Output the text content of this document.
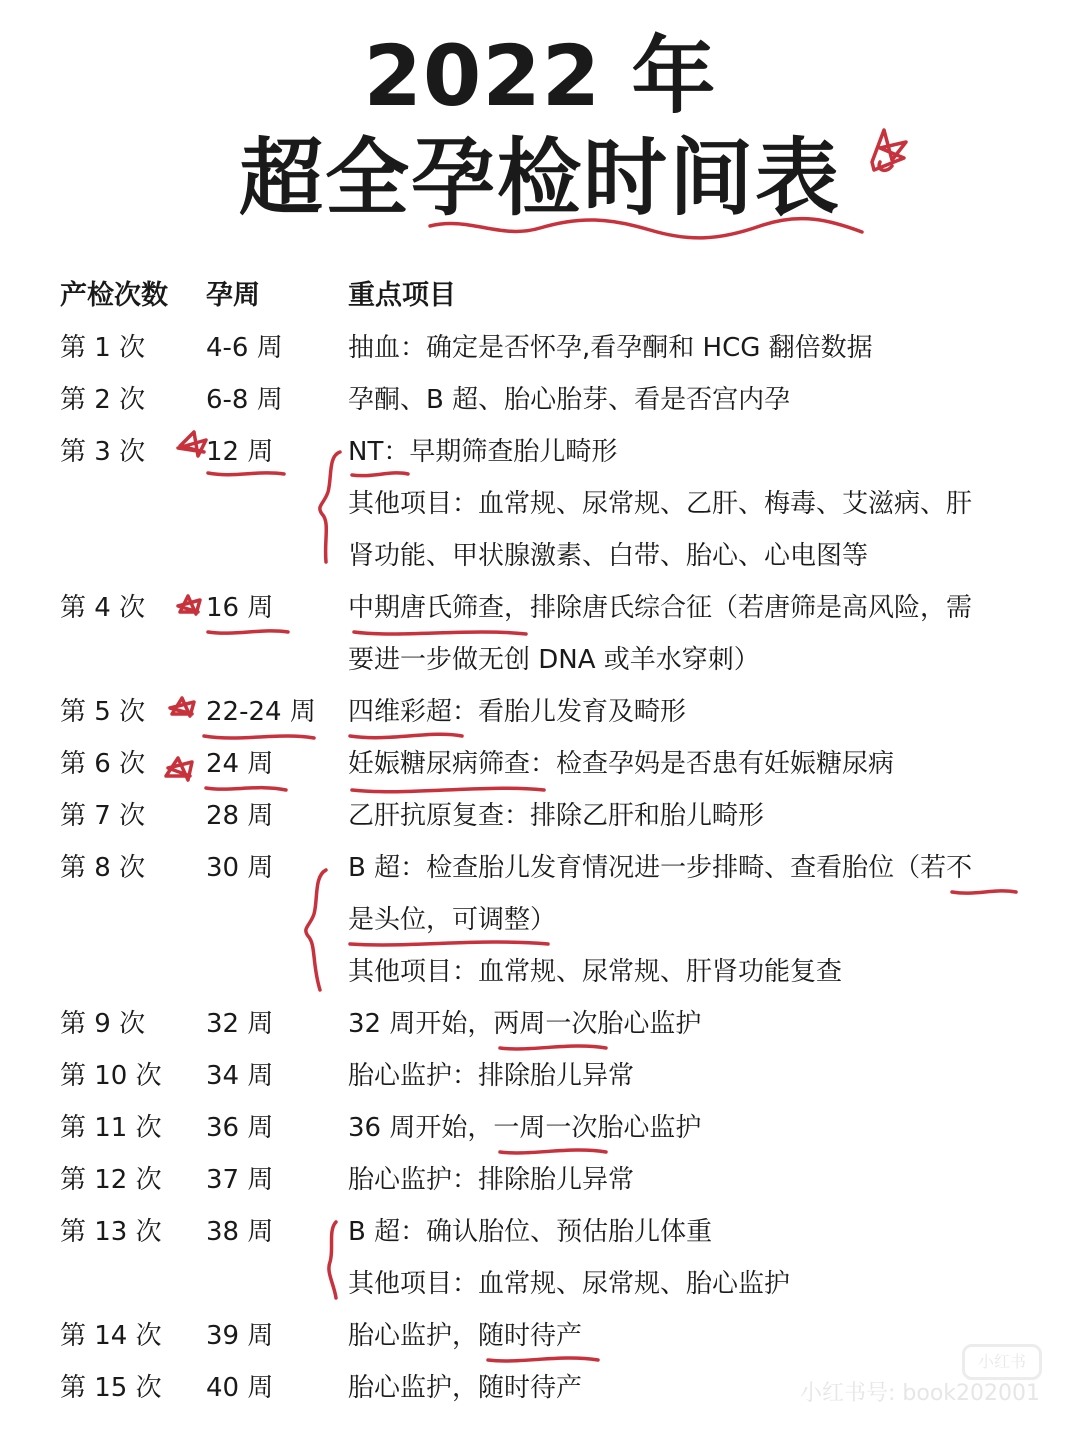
2022 年
超全孕检时间表
产检次数 孕周	重点项目
第 1 次 4-6 周	抽血：确定是否怀孕,看孕酮和 HCG 翻倍数据
第 2 次 6-8 周	孕酮、B 超、胎心胎芽、看是否宫内孕
第 3 次 12 周	NT：早期筛查胎儿畸形
其他项目：血常规、尿常规、乙肝、梅毒、艾滋病、肝
肾功能、甲状腺激素、白带、胎心、心电图等
第 4 次 16 周	中期唐氏筛查，排除唐氏综合征（若唐筛是高风险，需
要进一步做无创 DNA 或羊水穿刺）
第 5 次 22-24 周 四维彩超：看胎儿发育及畸形
第 6 次 24 周	妊娠糖尿病筛查：检查孕妈是否患有妊娠糖尿病
第 7 次 28 周	乙肝抗原复查：排除乙肝和胎儿畸形
第 8 次 30 周	B 超：检查胎儿发育情况进一步排畸、查看胎位（若不
是头位，可调整）
其他项目：血常规、尿常规、肝肾功能复查
第 9 次 32 周	32 周开始，两周一次胎心监护
第 10 次 34 周	胎心监护：排除胎儿异常
第 11 次 36 周	36 周开始，一周一次胎心监护
第 12 次 37 周	胎心监护：排除胎儿异常
第 13 次 38 周	B 超：确认胎位、预估胎儿体重
其他项目：血常规、尿常规、胎心监护
第 14 次 39 周	胎心监护，随时待产
第 15 次 40 周	胎心监护，随时待产
小红书
小红书号: book202001
